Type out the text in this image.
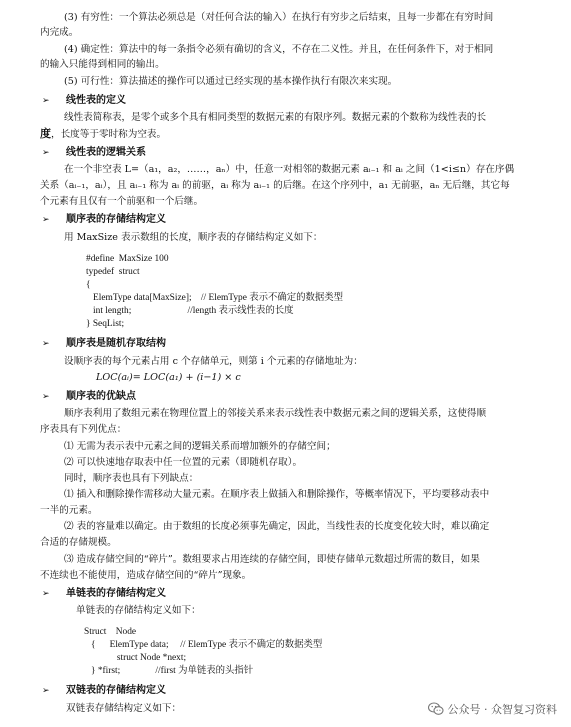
(3) 有穷性：一个算法必须总是（对任何合法的输入）在执行有穷步之后结束，且每一步都在有穷时间
内完成。
(4) 确定性：算法中的每一条指令必须有确切的含义，不存在二义性。并且，在任何条件下，对于相同
的输入只能得到相同的输出。
(5) 可行性：算法描述的操作可以通过已经实现的基本操作执行有限次来实现。
➢ 线性表的定义
线性表简称表，是零个或多个具有相同类型的数据元素的有限序列。数据元素的个数称为线性表的长
度，长度等于零时称为空表。
➢ 线性表的逻辑关系
在一个非空表 L=（a₁，a₂，……，aₙ）中，任意一对相邻的数据元素 aᵢ₋₁ 和 aᵢ 之间（1<i≤n）存在序偶
关系（aᵢ₋₁，aᵢ），且 aᵢ₋₁ 称为 aᵢ 的前驱，aᵢ 称为 aᵢ₋₁ 的后继。在这个序列中，a₁ 无前驱，aₙ 无后继，其它每
个元素有且仅有一个前驱和一个后继。
➢ 顺序表的存储结构定义
用 MaxSize 表示数组的长度，顺序表的存储结构定义如下：
#define  MaxSize 100
typedef  struct
{
ElemType data[MaxSize];    // ElemType 表示不确定的数据类型
int length;                        //length 表示线性表的长度
} SeqList;
➢ 顺序表是随机存取结构
设顺序表的每个元素占用 c 个存储单元，则第 i 个元素的存储地址为：
LOC(aᵢ)= LOC(a₁) + (i−1) × c
➢ 顺序表的优缺点
顺序表利用了数组元素在物理位置上的邻接关系来表示线性表中数据元素之间的逻辑关系，这使得顺
序表具有下列优点：
⑴ 无需为表示表中元素之间的逻辑关系而增加额外的存储空间；
⑵ 可以快速地存取表中任一位置的元素（即随机存取）。
同时，顺序表也具有下列缺点：
⑴ 插入和删除操作需移动大量元素。在顺序表上做插入和删除操作，等概率情况下，平均要移动表中
一半的元素。
⑵ 表的容量难以确定。由于数组的长度必须事先确定，因此，当线性表的长度变化较大时，难以确定
合适的存储规模。
⑶ 造成存储空间的“碎片”。数组要求占用连续的存储空间，即使存储单元数超过所需的数目，如果
不连续也不能使用，造成存储空间的“碎片”现象。
➢ 单链表的存储结构定义
单链表的存储结构定义如下：
Struct    Node
{      ElemType data;     // ElemType 表示不确定的数据类型
struct Node *next;
} *first;               //first 为单链表的头指针
➢ 双链表的存储结构定义
双链表存储结构定义如下：	公众号 · 众智复习资料
